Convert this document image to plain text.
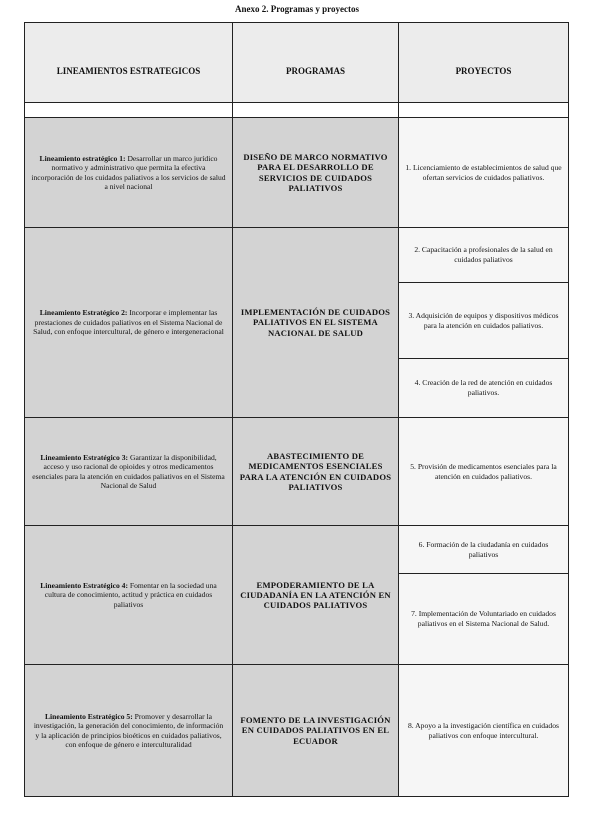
Anexo 2. Programas y proyectos
LINEAMIENTOS ESTRATEGICOS	PROGRAMAS	PROYECTOS

Lineamiento estratégico 1: Desarrollar un marco jurídico normativo y administrativo que permita la efectiva incorporación de los cuidados paliativos a los servicios de salud a nivel nacional	DISEÑO DE MARCO NORMATIVO PARA EL DESARROLLO DE SERVICIOS DE CUIDADOS PALIATIVOS	1. Licenciamiento de establecimientos de salud que ofertan servicios de cuidados paliativos.
Lineamiento Estratégico 2: Incorporar e implementar las prestaciones de cuidados paliativos en el Sistema Nacional de Salud, con enfoque intercultural, de género e intergeneracional	IMPLEMENTACIÓN DE CUIDADOS PALIATIVOS EN EL SISTEMA NACIONAL DE SALUD	2. Capacitación a profesionales de la salud en cuidados paliativos
		3. Adquisición de equipos y dispositivos médicos para la atención en cuidados paliativos.
		4. Creación de la red de atención en cuidados paliativos.
Lineamiento Estratégico 3: Garantizar la disponibilidad, acceso y uso racional de opioides y otros medicamentos esenciales para la atención en cuidados paliativos en el Sistema Nacional de Salud	ABASTECIMIENTO DE MEDICAMENTOS ESENCIALES PARA LA ATENCIÓN EN CUIDADOS PALIATIVOS	5. Provisión de medicamentos esenciales para la atención en cuidados paliativos.
Lineamiento Estratégico 4: Fomentar en la sociedad una cultura de conocimiento, actitud y práctica en cuidados paliativos	EMPODERAMIENTO DE LA CIUDADANÍA EN LA ATENCIÓN EN CUIDADOS PALIATIVOS	6. Formación de la ciudadanía en cuidados paliativos
		7. Implementación de Voluntariado en cuidados paliativos en el Sistema Nacional de Salud.
Lineamiento Estratégico 5: Promover y desarrollar la investigación, la generación del conocimiento, de información y la aplicación de principios bioéticos en cuidados paliativos, con enfoque de género e interculturalidad	FOMENTO DE LA INVESTIGACIÓN EN CUIDADOS PALIATIVOS EN EL ECUADOR	8. Apoyo a la investigación científica en cuidados paliativos con enfoque intercultural.
